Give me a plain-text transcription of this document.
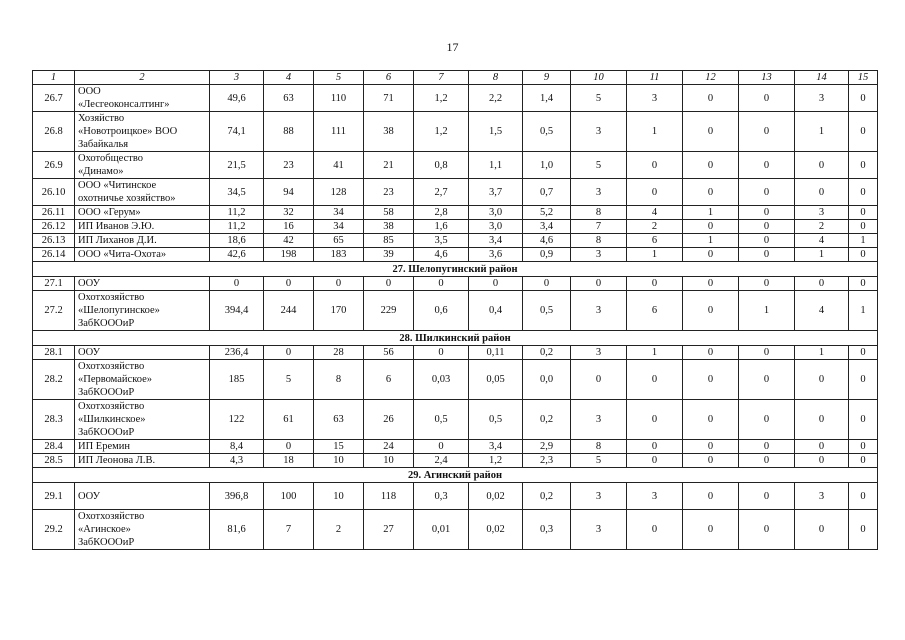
17
1	2	3	4	5	6	7	8	9	10	11	12	13	14	15
26.7	ООО
«Лесгеоконсалтинг»	49,6	63	110	71	1,2	2,2	1,4	5	3	0	0	3	0
26.8	Хозяйство
«Новотроицкое» ВОО
Забайкалья	74,1	88	111	38	1,2	1,5	0,5	3	1	0	0	1	0
26.9	Охотобщество
«Динамо»	21,5	23	41	21	0,8	1,1	1,0	5	0	0	0	0	0
26.10	ООО «Читинское
охотничье хозяйство»	34,5	94	128	23	2,7	3,7	0,7	3	0	0	0	0	0
26.11	ООО «Герум»	11,2	32	34	58	2,8	3,0	5,2	8	4	1	0	3	0
26.12	ИП Иванов Э.Ю.	11,2	16	34	38	1,6	3,0	3,4	7	2	0	0	2	0
26.13	ИП Лиханов Д.И.	18,6	42	65	85	3,5	3,4	4,6	8	6	1	0	4	1
26.14	ООО «Чита-Охота»	42,6	198	183	39	4,6	3,6	0,9	3	1	0	0	1	0
27. Шелопугинский район														
27.1	ООУ	0	0	0	0	0	0	0	0	0	0	0	0	0
27.2	Охотхозяйство
«Шелопугинское»
ЗабКОООиР	394,4	244	170	229	0,6	0,4	0,5	3	6	0	1	4	1
28. Шилкинский район														
28.1	ООУ	236,4	0	28	56	0	0,11	0,2	3	1	0	0	1	0
28.2	Охотхозяйство
«Первомайское»
ЗабКОООиР	185	5	8	6	0,03	0,05	0,0	0	0	0	0	0	0
28.3	Охотхозяйство
«Шилкинское»
ЗабКОООиР	122	61	63	26	0,5	0,5	0,2	3	0	0	0	0	0
28.4	ИП Еремин	8,4	0	15	24	0	3,4	2,9	8	0	0	0	0	0
28.5	ИП Леонова Л.В.	4,3	18	10	10	2,4	1,2	2,3	5	0	0	0	0	0
29. Агинский район														
29.1	ООУ	396,8	100	10	118	0,3	0,02	0,2	3	3	0	0	3	0
29.2	Охотхозяйство
«Агинское»
ЗабКОООиР	81,6	7	2	27	0,01	0,02	0,3	3	0	0	0	0	0
